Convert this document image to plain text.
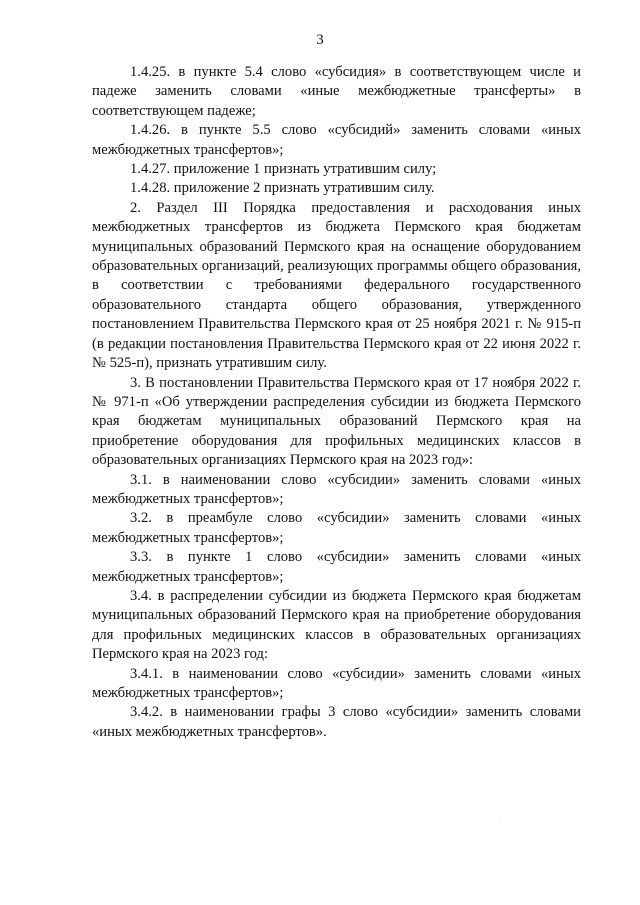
3

1.4.25. в пункте 5.4 слово «субсидия» в соответствующем числе и падеже заменить словами «иные межбюджетные трансферты» в соответствующем падеже;

1.4.26. в пункте 5.5 слово «субсидий» заменить словами «иных межбюджетных трансфертов»;

1.4.27. приложение 1 признать утратившим силу;

1.4.28. приложение 2 признать утратившим силу.

2. Раздел III Порядка предоставления и расходования иных межбюджетных трансфертов из бюджета Пермского края бюджетам муниципальных образований Пермского края на оснащение оборудованием образовательных организаций, реализующих программы общего образования, в соответствии с требованиями федерального государственного образовательного стандарта общего образования, утвержденного постановлением Правительства Пермского края от 25 ноября 2021 г. № 915-п (в редакции постановления Правительства Пермского края от 22 июня 2022 г. № 525-п), признать утратившим силу.

3. В постановлении Правительства Пермского края от 17 ноября 2022 г. № 971-п «Об утверждении распределения субсидии из бюджета Пермского края бюджетам муниципальных образований Пермского края на приобретение оборудования для профильных медицинских классов в образовательных организациях Пермского края на 2023 год»:

3.1. в наименовании слово «субсидии» заменить словами «иных межбюджетных трансфертов»;

3.2. в преамбуле слово «субсидии» заменить словами «иных межбюджетных трансфертов»;

3.3. в пункте 1 слово «субсидии» заменить словами «иных межбюджетных трансфертов»;

3.4. в распределении субсидии из бюджета Пермского края бюджетам муниципальных образований Пермского края на приобретение оборудования для профильных медицинских классов в образовательных организациях Пермского края на 2023 год:

3.4.1. в наименовании слово «субсидии» заменить словами «иных межбюджетных трансфертов»;

3.4.2. в наименовании графы 3 слово «субсидии» заменить словами «иных межбюджетных трансфертов».
